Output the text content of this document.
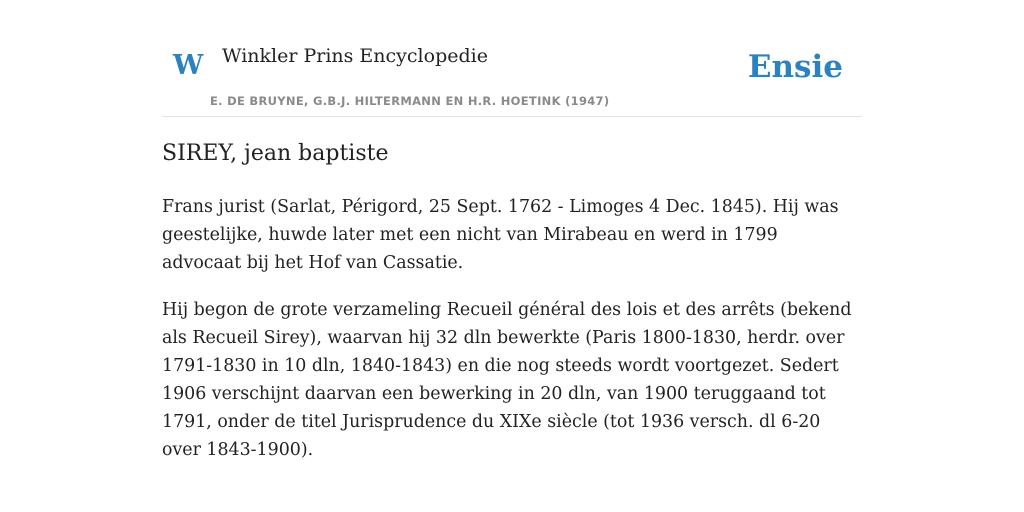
W Winkler Prins Encyclopedie
E. DE BRUYNE, G.B.J. HILTERMANN EN H.R. HOETINK (1947)
Ensie
SIREY, jean baptiste

Frans jurist (Sarlat, Périgord, 25 Sept. 1762 - Limoges 4 Dec. 1845). Hij was geestelijke, huwde later met een nicht van Mirabeau en werd in 1799 advocaat bij het Hof van Cassatie.

Hij begon de grote verzameling Recueil général des lois et des arrêts (bekend als Recueil Sirey), waarvan hij 32 dln bewerkte (Paris 1800-1830, herdr. over 1791-1830 in 10 dln, 1840-1843) en die nog steeds wordt voortgezet. Sedert 1906 verschijnt daarvan een bewerking in 20 dln, van 1900 teruggaand tot 1791, onder de titel Jurisprudence du XIXe siècle (tot 1936 versch. dl 6-20 over 1843-1900).
